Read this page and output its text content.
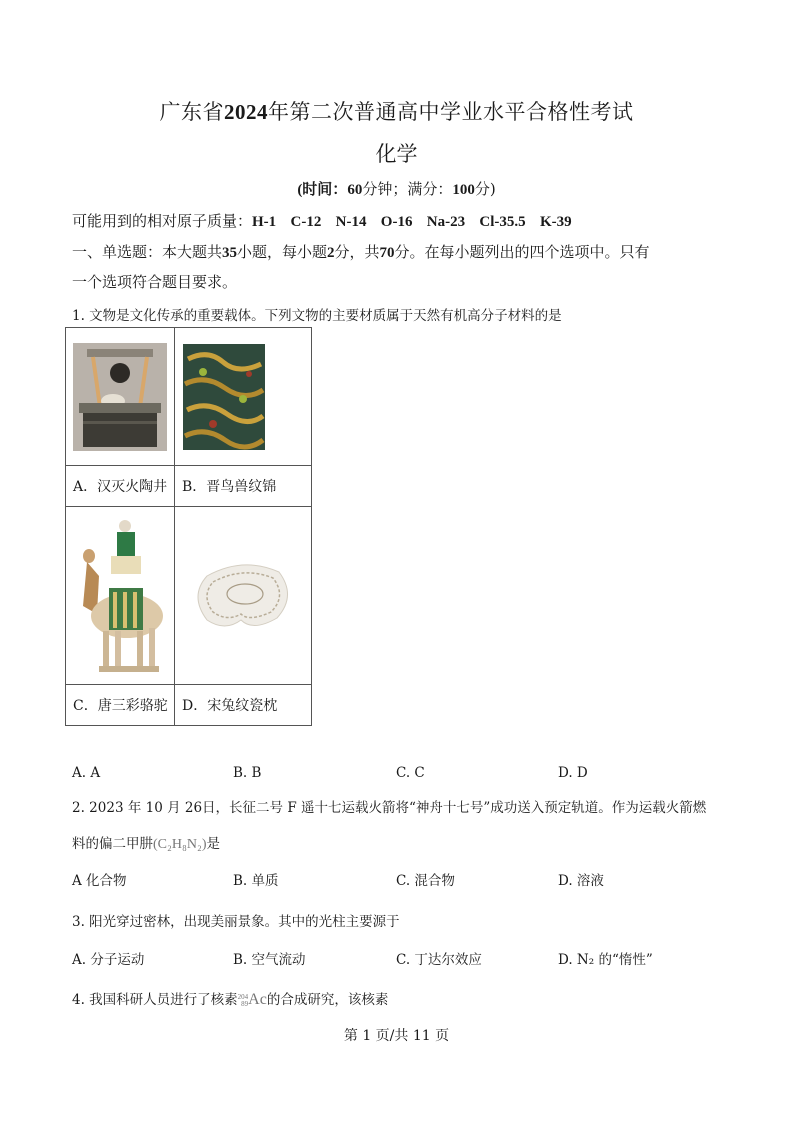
广东省2024年第二次普通高中学业水平合格性考试
化学
(时间：60分钟；满分：100分)
可能用到的相对原子质量：H-1 C-12 N-14 O-16 Na-23 Cl-35.5 K-39
一、单选题：本大题共35小题，每小题2分，共70分。在每小题列出的四个选项中。只有
一个选项符合题目要求。
1. 文物是文化传承的重要载体。下列文物的主要材质属于天然有机高分子材料的是

A．汉灭火陶井	B．晋鸟兽纹锦

C．唐三彩骆驼	D．宋兔纹瓷枕
A. A	B. B	C. C	D. D
2. 2023 年 10 月 26日，长征二号 F 遥十七运载火箭将“神舟十七号”成功送入预定轨道。作为运载火箭燃
料的偏二甲肼(C₂H₈N₂)是
A 化合物	B. 单质	C. 混合物	D. 溶液
3. 阳光穿过密林，出现美丽景象。其中的光柱主要源于
A. 分子运动	B. 空气流动	C. 丁达尔效应	D. N₂ 的“惰性”
4. 我国科研人员进行了核素204
89Ac的合成研究，该核素
第 1 页/共 11 页
